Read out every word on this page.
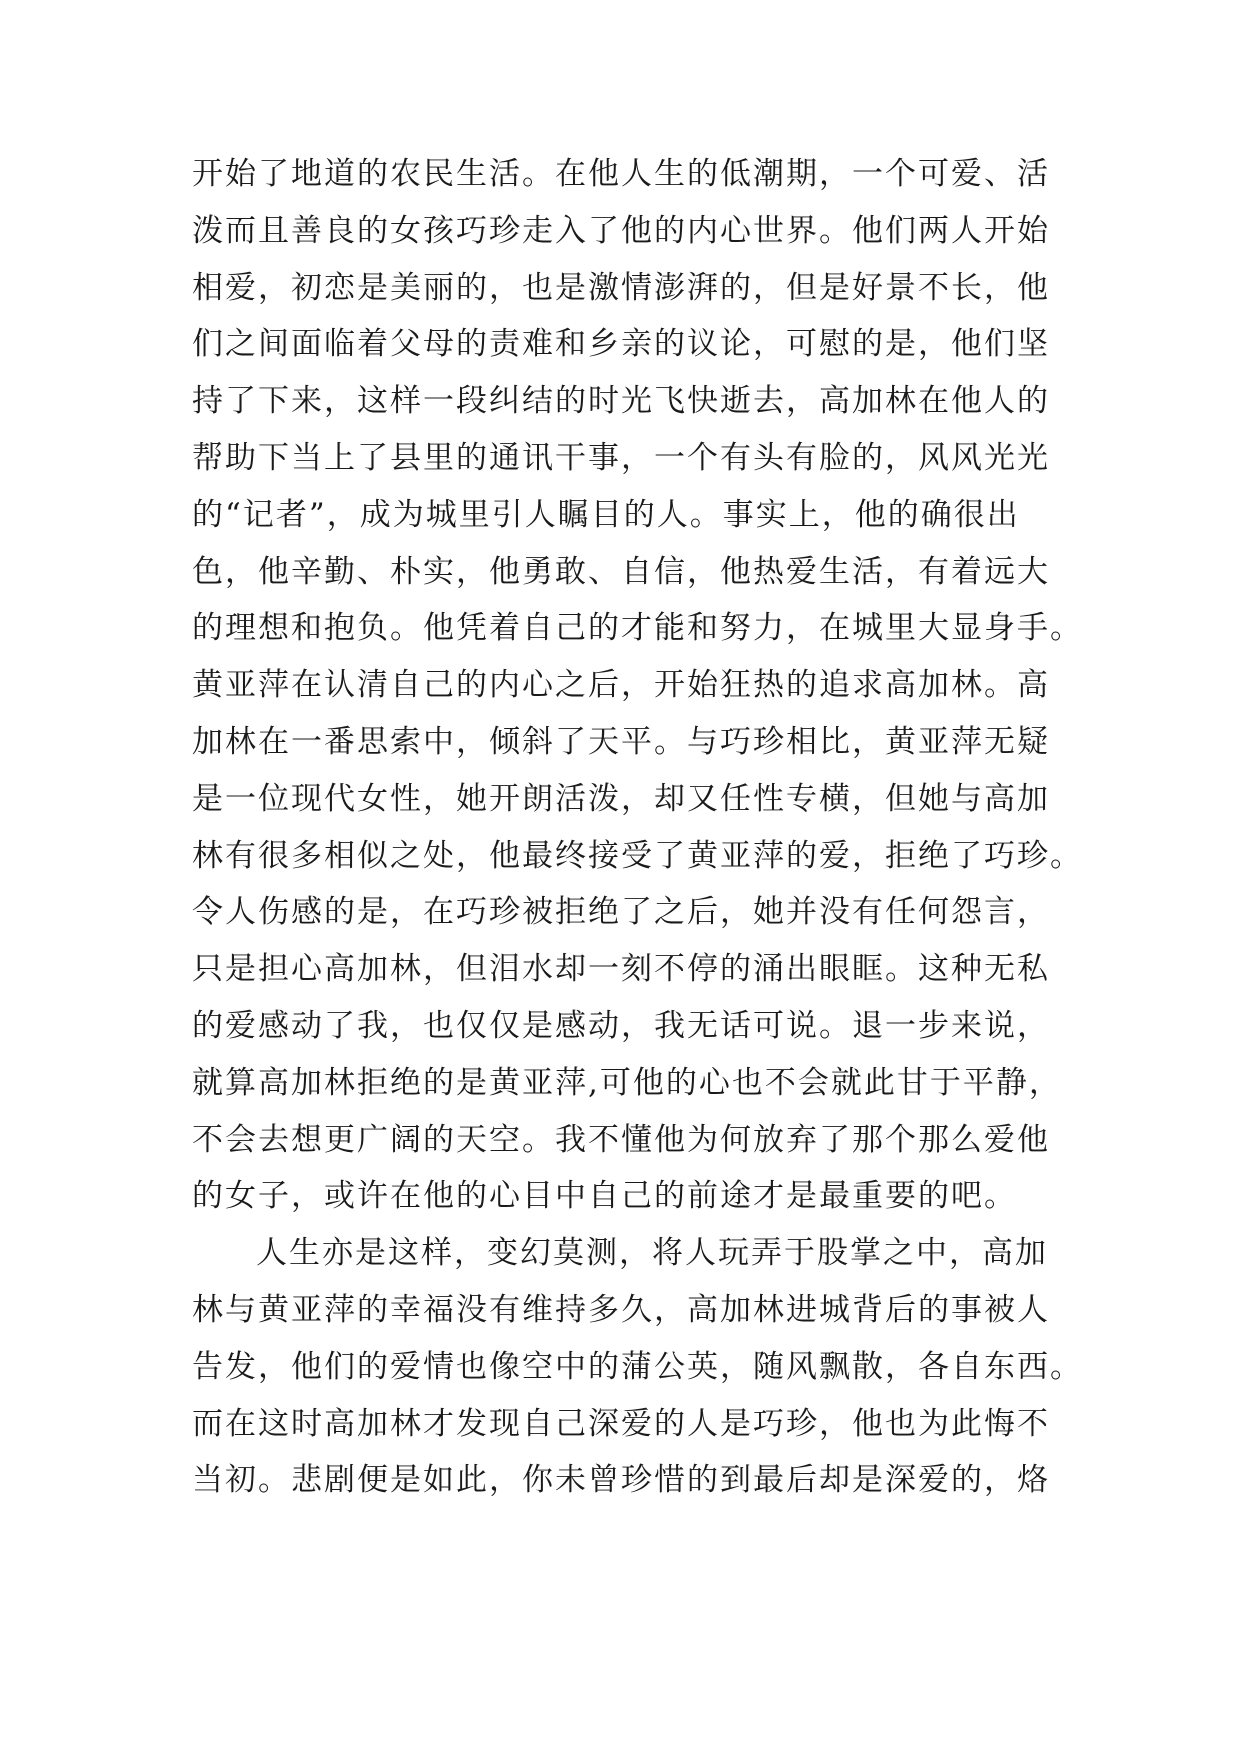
开始了地道的农民生活。在他人生的低潮期，一个可爱、活
泼而且善良的女孩巧珍走入了他的内心世界。他们两人开始
相爱，初恋是美丽的，也是激情澎湃的，但是好景不长，他
们之间面临着父母的责难和乡亲的议论，可慰的是，他们坚
持了下来，这样一段纠结的时光飞快逝去，高加林在他人的
帮助下当上了县里的通讯干事，一个有头有脸的，风风光光
的“记者”，成为城里引人瞩目的人。事实上，他的确很出
色，他辛勤、朴实，他勇敢、自信，他热爱生活，有着远大
的理想和抱负。他凭着自己的才能和努力，在城里大显身手。
黄亚萍在认清自己的内心之后，开始狂热的追求高加林。高
加林在一番思索中，倾斜了天平。与巧珍相比，黄亚萍无疑
是一位现代女性，她开朗活泼，却又任性专横，但她与高加
林有很多相似之处，他最终接受了黄亚萍的爱，拒绝了巧珍。
令人伤感的是，在巧珍被拒绝了之后，她并没有任何怨言，
只是担心高加林，但泪水却一刻不停的涌出眼眶。这种无私
的爱感动了我，也仅仅是感动，我无话可说。退一步来说，
就算高加林拒绝的是黄亚萍,可他的心也不会就此甘于平静，
不会去想更广阔的天空。我不懂他为何放弃了那个那么爱他
的女子，或许在他的心目中自己的前途才是最重要的吧。
人生亦是这样，变幻莫测，将人玩弄于股掌之中，高加
林与黄亚萍的幸福没有维持多久，高加林进城背后的事被人
告发，他们的爱情也像空中的蒲公英，随风飘散，各自东西。
而在这时高加林才发现自己深爱的人是巧珍，他也为此悔不
当初。悲剧便是如此，你未曾珍惜的到最后却是深爱的，烙
